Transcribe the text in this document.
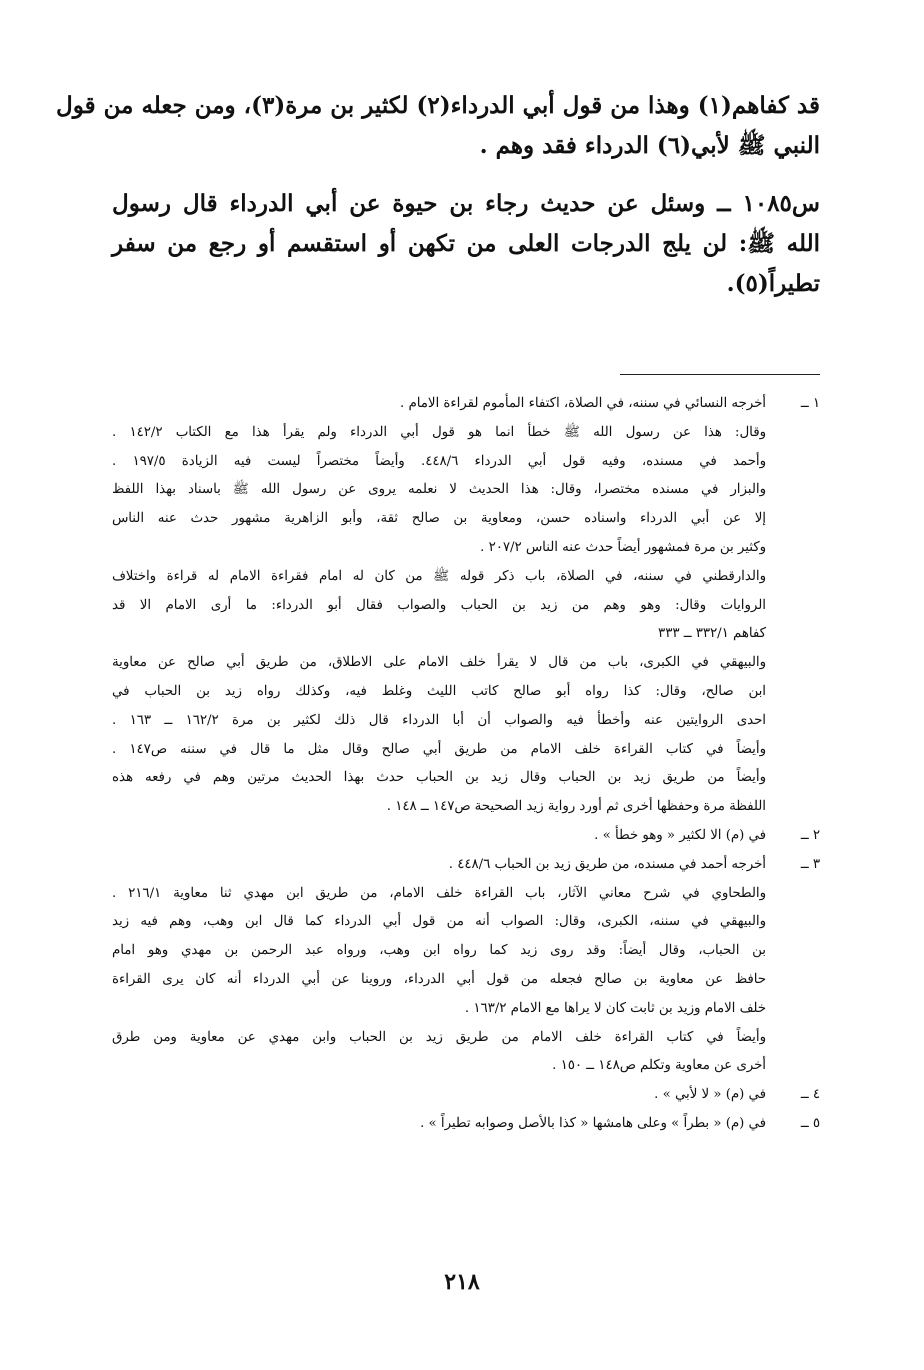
قد كفاهم(١) وهذا من قول أبي الدرداء(٢) لكثير بن مرة(٣)، ومن جعله من قول
النبي ﷺ لأبي(٦) الدرداء فقد وهم .

س١٠٨٥ ــ وسئل عن حديث رجاء بن حيوة عن أبي الدرداء قال رسول
الله ﷺ: لن يلج الدرجات العلى من تكهن أو استقسم أو رجع من سفر
تطيراً(٥).

١ ــ
أخرجه النسائي في سننه، في الصلاة، اكتفاء المأموم لقراءة الامام .
وقال: هذا عن رسول الله ﷺ خطأ انما هو قول أبي الدرداء ولم يقرأ هذا مع الكتاب ١٤٢/٢ .
وأحمد في مسنده، وفيه قول أبي الدرداء ٤٤٨/٦. وأيضاً مختصراً ليست فيه الزيادة ١٩٧/٥ .
والبزار في مسنده مختصرا، وقال: هذا الحديث لا نعلمه يروى عن رسول الله ﷺ باسناد بهذا اللفظ
إلا عن أبي الدرداء واسناده حسن، ومعاوية بن صالح ثقة، وأبو الزاهرية مشهور حدث عنه الناس
وكثير بن مرة فمشهور أيضاً حدث عنه الناس ٢٠٧/٢ .
والدارقطني في سننه، في الصلاة، باب ذكر قوله ﷺ من كان له امام فقراءة الامام له قراءة واختلاف
الروايات وقال: وهو وهم من زيد بن الحباب والصواب فقال أبو الدرداء: ما أرى الامام الا قد
كفاهم ٣٣٢/١ ــ ٣٣٣
والبيهقي في الكبرى، باب من قال لا يقرأ خلف الامام على الاطلاق، من طريق أبي صالح عن معاوية
ابن صالح، وقال: كذا رواه أبو صالح كاتب الليث وغلط فيه، وكذلك رواه زيد بن الحباب في
احدى الروايتين عنه وأخطأ فيه والصواب أن أبا الدرداء قال ذلك لكثير بن مرة ١٦٢/٢ ــ ١٦٣ .
وأيضاً في كتاب القراءة خلف الامام من طريق أبي صالح وقال مثل ما قال في سننه ص١٤٧ .
وأيضاً من طريق زيد بن الحباب وقال زيد بن الحباب حدث بهذا الحديث مرتين وهم في رفعه هذه
اللفظة مرة وحفظها أخرى ثم أورد رواية زيد الصحيحة ص١٤٧ ــ ١٤٨ .
٢ ــ
في (م) الا لكثير « وهو خطأ » .
٣ ــ
أخرجه أحمد في مسنده، من طريق زيد بن الحباب ٤٤٨/٦ .
والطحاوي في شرح معاني الآثار، باب القراءة خلف الامام، من طريق ابن مهدي ثنا معاوية ٢١٦/١ .
والبيهقي في سننه، الكبرى، وقال: الصواب أنه من قول أبي الدرداء كما قال ابن وهب، وهم فيه زيد
بن الحباب، وقال أيضاً: وقد روى زيد كما رواه ابن وهب، ورواه عبد الرحمن بن مهدي وهو امام
حافظ عن معاوية بن صالح فجعله من قول أبي الدرداء، وروينا عن أبي الدرداء أنه كان يرى القراءة
خلف الامام وزيد بن ثابت كان لا يراها مع الامام ١٦٣/٢ .
وأيضاً في كتاب القراءة خلف الامام من طريق زيد بن الحباب وابن مهدي عن معاوية ومن طرق
أخرى عن معاوية وتكلم ص١٤٨ ــ ١٥٠ .
٤ ــ
في (م) « لا لأبي » .
٥ ــ
في (م) « بطراً » وعلى هامشها « كذا بالأصل وصوابه تطيراً » .
٢١٨
